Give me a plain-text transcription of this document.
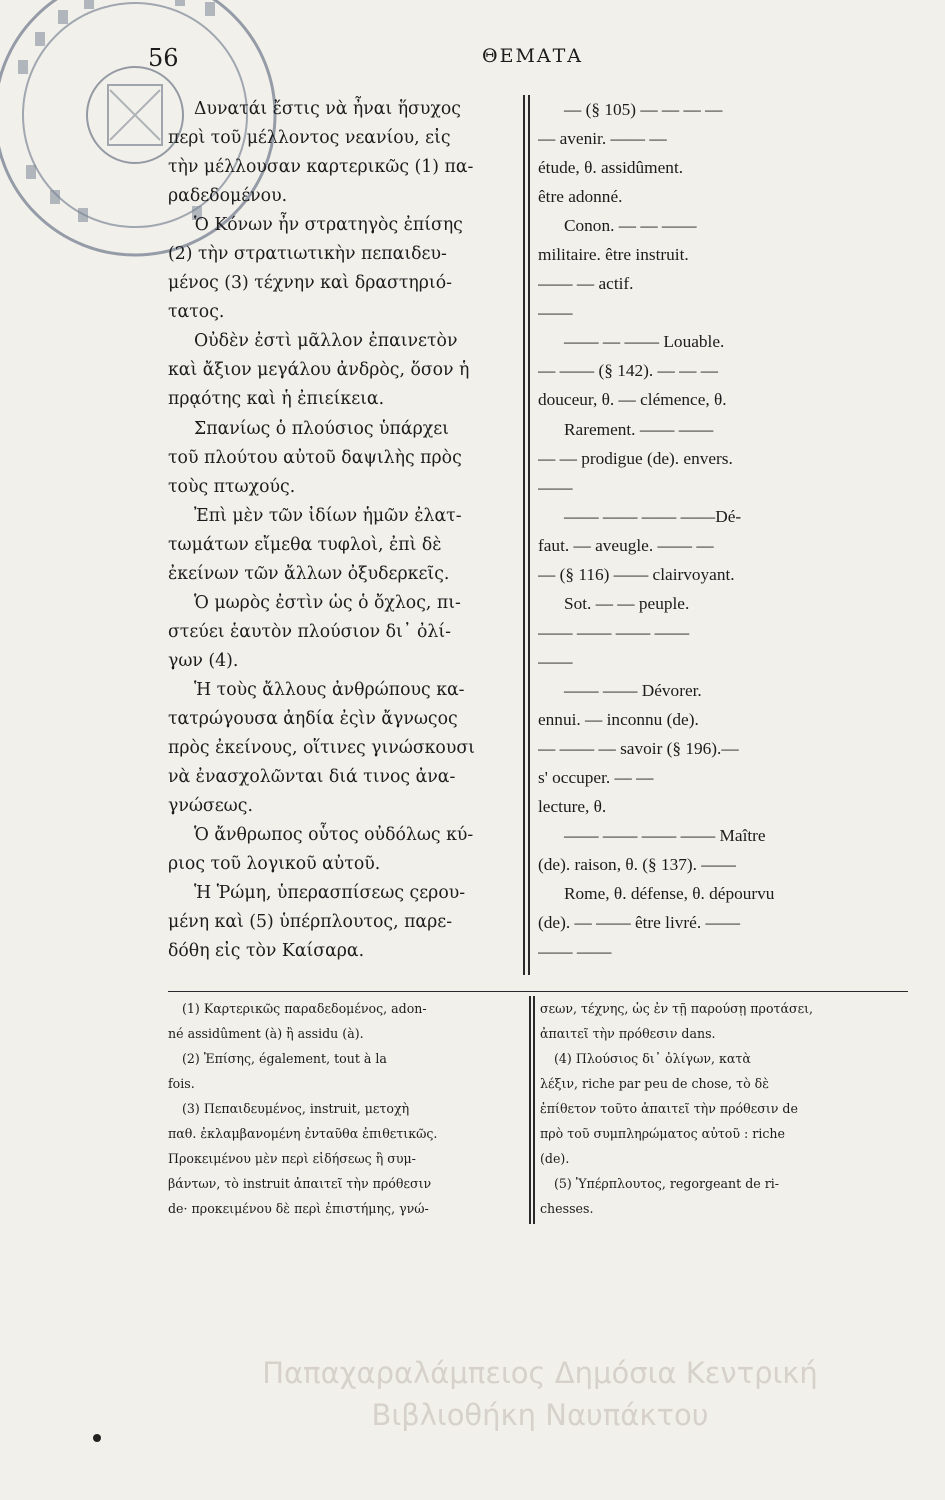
56	ΘΕΜΑΤΑ
Δυνατάι ἔστις νὰ ἦναι ἥσυχος
περὶ τοῦ μέλλοντος νεανίου, εἰς
τὴν μέλλουσαν καρτερικῶς (1) πα-
ραδεδομένου.
Ὁ Κόνων ἦν στρατηγὸς ἐπίσης
(2) τὴν στρατιωτικὴν πεπαιδευ-
μένος (3) τέχνην καὶ δραστηριό-
τατος.
Οὐδὲν ἐστὶ μᾶλλον ἐπαινετὸν
καὶ ἄξιον μεγάλου ἀνδρὸς, ὅσον ἡ
πρᾳότης καὶ ἡ ἐπιείκεια.
Σπανίως ὁ πλούσιος ὑπάρχει
τοῦ πλούτου αὐτοῦ δαψιλὴς πρὸς
τοὺς πτωχούς.
Ἐπὶ μὲν τῶν ἰδίων ἡμῶν ἐλατ-
τωμάτων εἴμεθα τυφλοὶ, ἐπὶ δὲ
ἐκείνων τῶν ἄλλων ὀξυδερκεῖς.
Ὁ μωρὸς ἐστὶν ὡς ὁ ὄχλος, πι-
στεύει ἑαυτὸν πλούσιον δι᾽ ὀλί-
γων (4).
Ἡ τοὺς ἄλλους ἀνθρώπους κα-
τατρώγουσα ἀηδία ἐςὶν ἄγνωςος
πρὸς ἐκείνους, οἵτινες γινώσκουσι
νὰ ἐνασχολῶνται διά τινος ἀνα-
γνώσεως.
Ὁ ἄνθρωπος οὗτος οὐδόλως κύ-
ριος τοῦ λογικοῦ αὐτοῦ.
Ἡ Ῥώμη, ὑπερασπίσεως ςερου-
μένη καὶ (5) ὑπέρπλουτος, παρε-
δόθη εἰς τὸν Καίσαρα.
— (§ 105) — — — —
— avenir. —— —
étude, θ. assidûment.
être adonné.
Conon. — — ——
militaire. être instruit.
—— — actif.
——
—— — —— Louable.
— —— (§ 142). — — —
douceur, θ. — clémence, θ.
Rarement. —— ——
— — prodigue (de). envers.
——
—— —— —— ——Dé-
faut. — aveugle. —— —
— (§ 116) —— clairvoyant.
Sot. — — peuple.
—— —— —— ——
——
—— —— Dévorer.
ennui. — inconnu (de).
— —— — savoir (§ 196).—
s' occuper. — —
lecture, θ.
—— —— —— —— Maître
(de). raison, θ. (§ 137). ——
Rome, θ. défense, θ. dépourvu
(de). — —— être livré. ——
—— ——
(1) Καρτερικῶς παραδεδομένος, adon-
né assidûment (à) ἢ assidu (à).
(2) Ἐπίσης, également, tout à la
fois.
(3) Πεπαιδευμένος, instruit, μετοχὴ
παθ. ἐκλαμβανομένη ἐνταῦθα ἐπιθετικῶς.
Προκειμένου μὲν περὶ εἰδήσεως ἢ συμ-
βάντων, τὸ instruit ἀπαιτεῖ τὴν πρόθεσιν
de· προκειμένου δὲ περὶ ἐπιστήμης, γνώ-
σεων, τέχνης, ὡς ἐν τῇ παρούσῃ προτάσει,
ἀπαιτεῖ τὴν πρόθεσιν dans.
(4) Πλούσιος δι᾽ ὀλίγων, κατὰ
λέξιν, riche par peu de chose, τὸ δὲ
ἐπίθετον τοῦτο ἀπαιτεῖ τὴν πρόθεσιν de
πρὸ τοῦ συμπληρώματος αὐτοῦ : riche
(de).
(5) Ὑπέρπλουτος, regorgeant de ri-
chesses.
Παπαχαραλάμπειος Δημόσια Κεντρική
Βιβλιοθήκη Ναυπάκτου
